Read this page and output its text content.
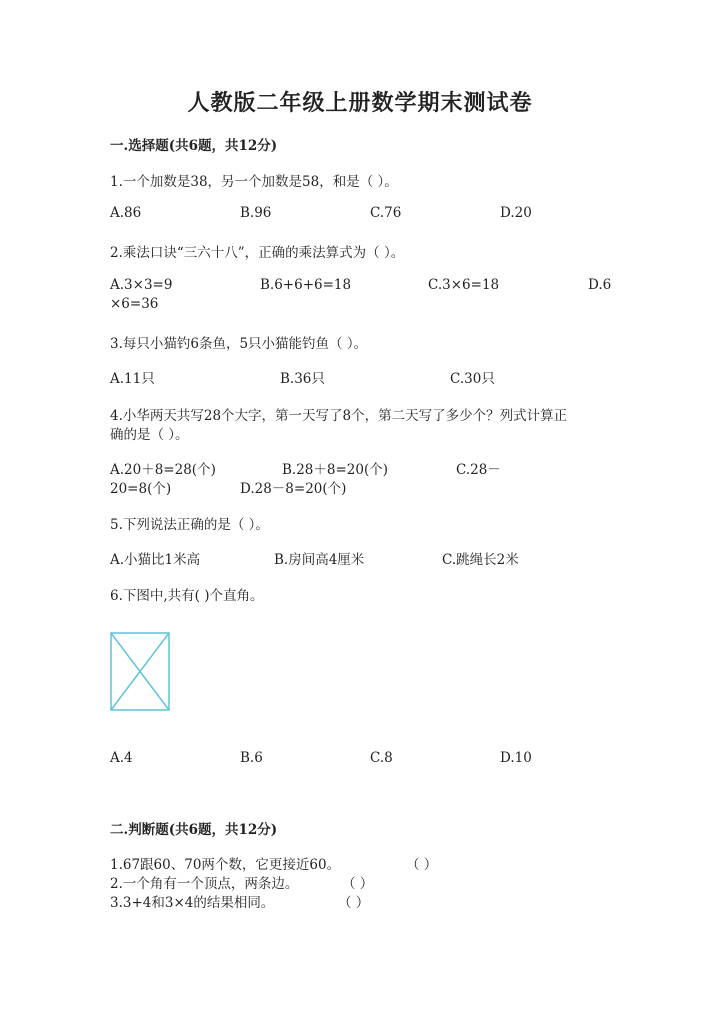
人教版二年级上册数学期末测试卷
一.选择题(共6题，共12分)
1.一个加数是38，另一个加数是58，和是（ ）。
A.86	B.96	C.76	D.20
2.乘法口诀“三六十八”，正确的乘法算式为（ ）。
A.3×3=9	B.6+6+6=18	C.3×6=18	D.6
×6=36
3.每只小猫钓6条鱼，5只小猫能钓鱼（ ）。
A.11只	B.36只	C.30只
4.小华两天共写28个大字，第一天写了8个，第二天写了多少个？列式计算正
确的是（ ）。
A.20＋8=28(个)	B.28＋8=20(个)	C.28－
20=8(个)	D.28－8=20(个)
5.下列说法正确的是（ ）。
A.小猫比1米高	B.房间高4厘米	C.跳绳长2米
6.下图中,共有( )个直角。
A.4	B.6	C.8	D.10
二.判断题(共6题，共12分)
1.67跟60、70两个数，它更接近60。	（ ）
2.一个角有一个顶点，两条边。	（ ）
3.3+4和3×4的结果相同。	（ ）
